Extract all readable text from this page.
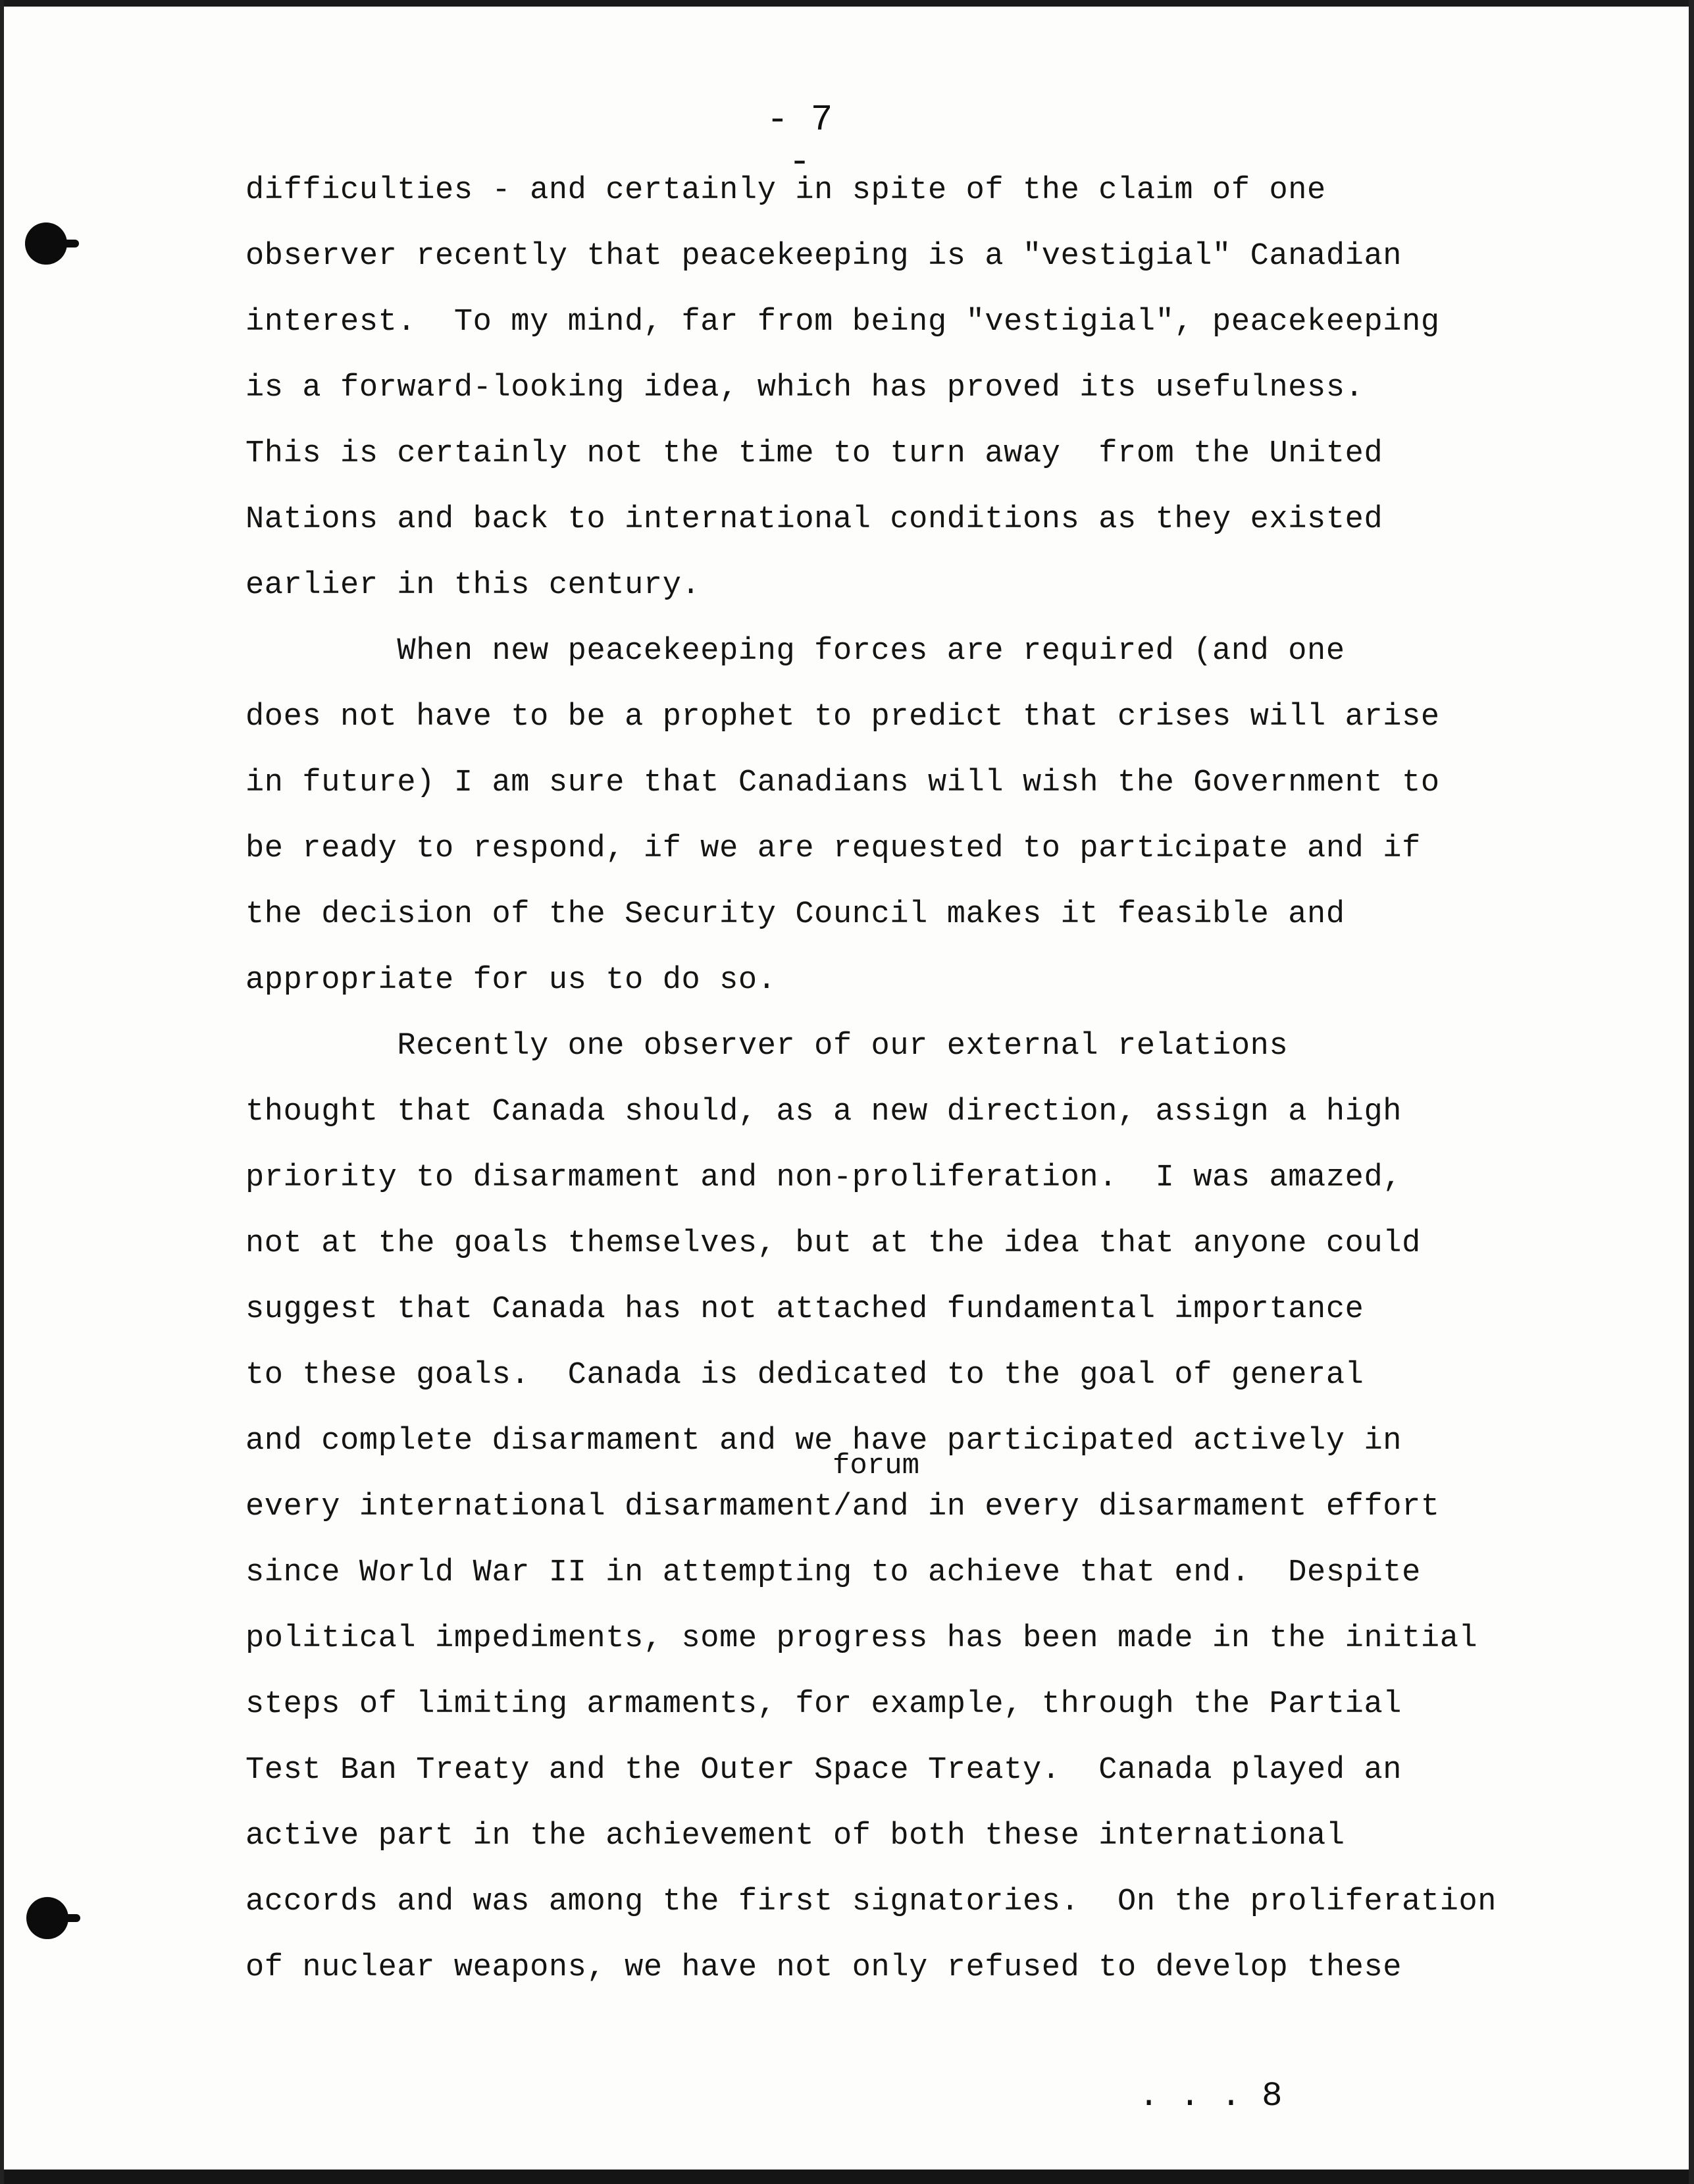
- 7 -
difficulties - and certainly in spite of the claim of one
observer recently that peacekeeping is a "vestigial" Canadian
interest.  To my mind, far from being "vestigial", peacekeeping
is a forward-looking idea, which has proved its usefulness.
This is certainly not the time to turn away  from the United
Nations and back to international conditions as they existed
earlier in this century.
When new peacekeeping forces are required (and one
does not have to be a prophet to predict that crises will arise
in future) I am sure that Canadians will wish the Government to
be ready to respond, if we are requested to participate and if
the decision of the Security Council makes it feasible and
appropriate for us to do so.
Recently one observer of our external relations
thought that Canada should, as a new direction, assign a high
priority to disarmament and non-proliferation.  I was amazed,
not at the goals themselves, but at the idea that anyone could
suggest that Canada has not attached fundamental importance
to these goals.  Canada is dedicated to the goal of general
and complete disarmament and we have participated actively in
every international disarmament/and in every disarmament effort
since World War II in attempting to achieve that end.  Despite
political impediments, some progress has been made in the initial
steps of limiting armaments, for example, through the Partial
Test Ban Treaty and the Outer Space Treaty.  Canada played an
active part in the achievement of both these international
accords and was among the first signatories.  On the proliferation
of nuclear weapons, we have not only refused to develop these
forum
. . . 8
